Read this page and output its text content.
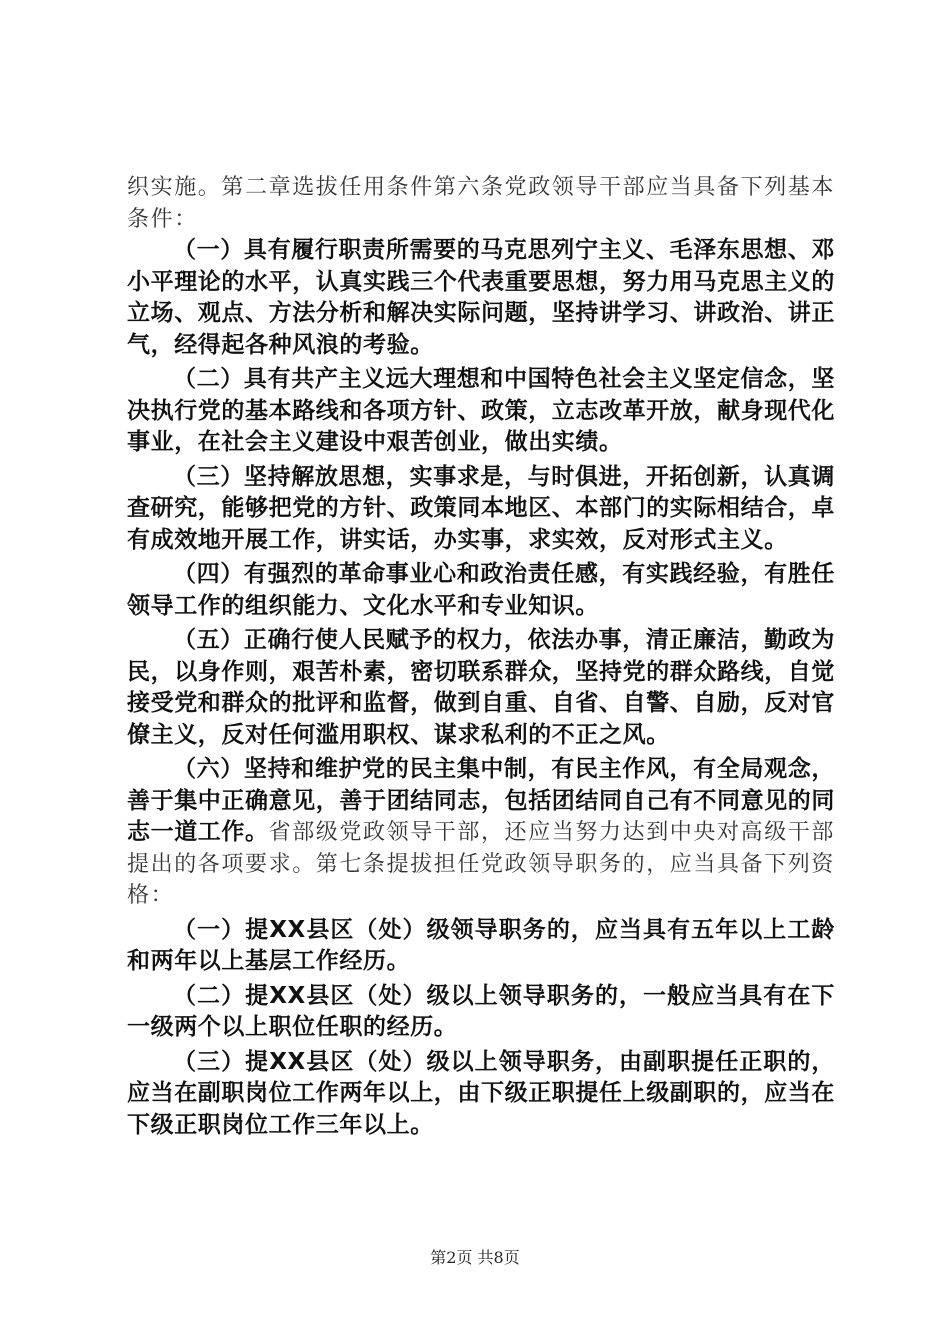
织实施。第二章选拔任用条件第六条党政领导干部应当具备下列基本条件：

（一）具有履行职责所需要的马克思列宁主义、毛泽东思想、邓小平理论的水平，认真实践三个代表重要思想，努力用马克思主义的立场、观点、方法分析和解决实际问题，坚持讲学习、讲政治、讲正气，经得起各种风浪的考验。

（二）具有共产主义远大理想和中国特色社会主义坚定信念，坚决执行党的基本路线和各项方针、政策，立志改革开放，献身现代化事业，在社会主义建设中艰苦创业，做出实绩。

（三）坚持解放思想，实事求是，与时俱进，开拓创新，认真调查研究，能够把党的方针、政策同本地区、本部门的实际相结合，卓有成效地开展工作，讲实话，办实事，求实效，反对形式主义。

（四）有强烈的革命事业心和政治责任感，有实践经验，有胜任领导工作的组织能力、文化水平和专业知识。

（五）正确行使人民赋予的权力，依法办事，清正廉洁，勤政为民，以身作则，艰苦朴素，密切联系群众，坚持党的群众路线，自觉接受党和群众的批评和监督，做到自重、自省、自警、自励，反对官僚主义，反对任何滥用职权、谋求私利的不正之风。

（六）坚持和维护党的民主集中制，有民主作风，有全局观念，善于集中正确意见，善于团结同志，包括团结同自己有不同意见的同志一道工作。省部级党政领导干部，还应当努力达到中央对高级干部提出的各项要求。第七条提拔担任党政领导职务的，应当具备下列资格：

（一）提XX县区（处）级领导职务的，应当具有五年以上工龄和两年以上基层工作经历。

（二）提XX县区（处）级以上领导职务的，一般应当具有在下一级两个以上职位任职的经历。

（三）提XX县区（处）级以上领导职务，由副职提任正职的，应当在副职岗位工作两年以上，由下级正职提任上级副职的，应当在下级正职岗位工作三年以上。

第2页 共8页
